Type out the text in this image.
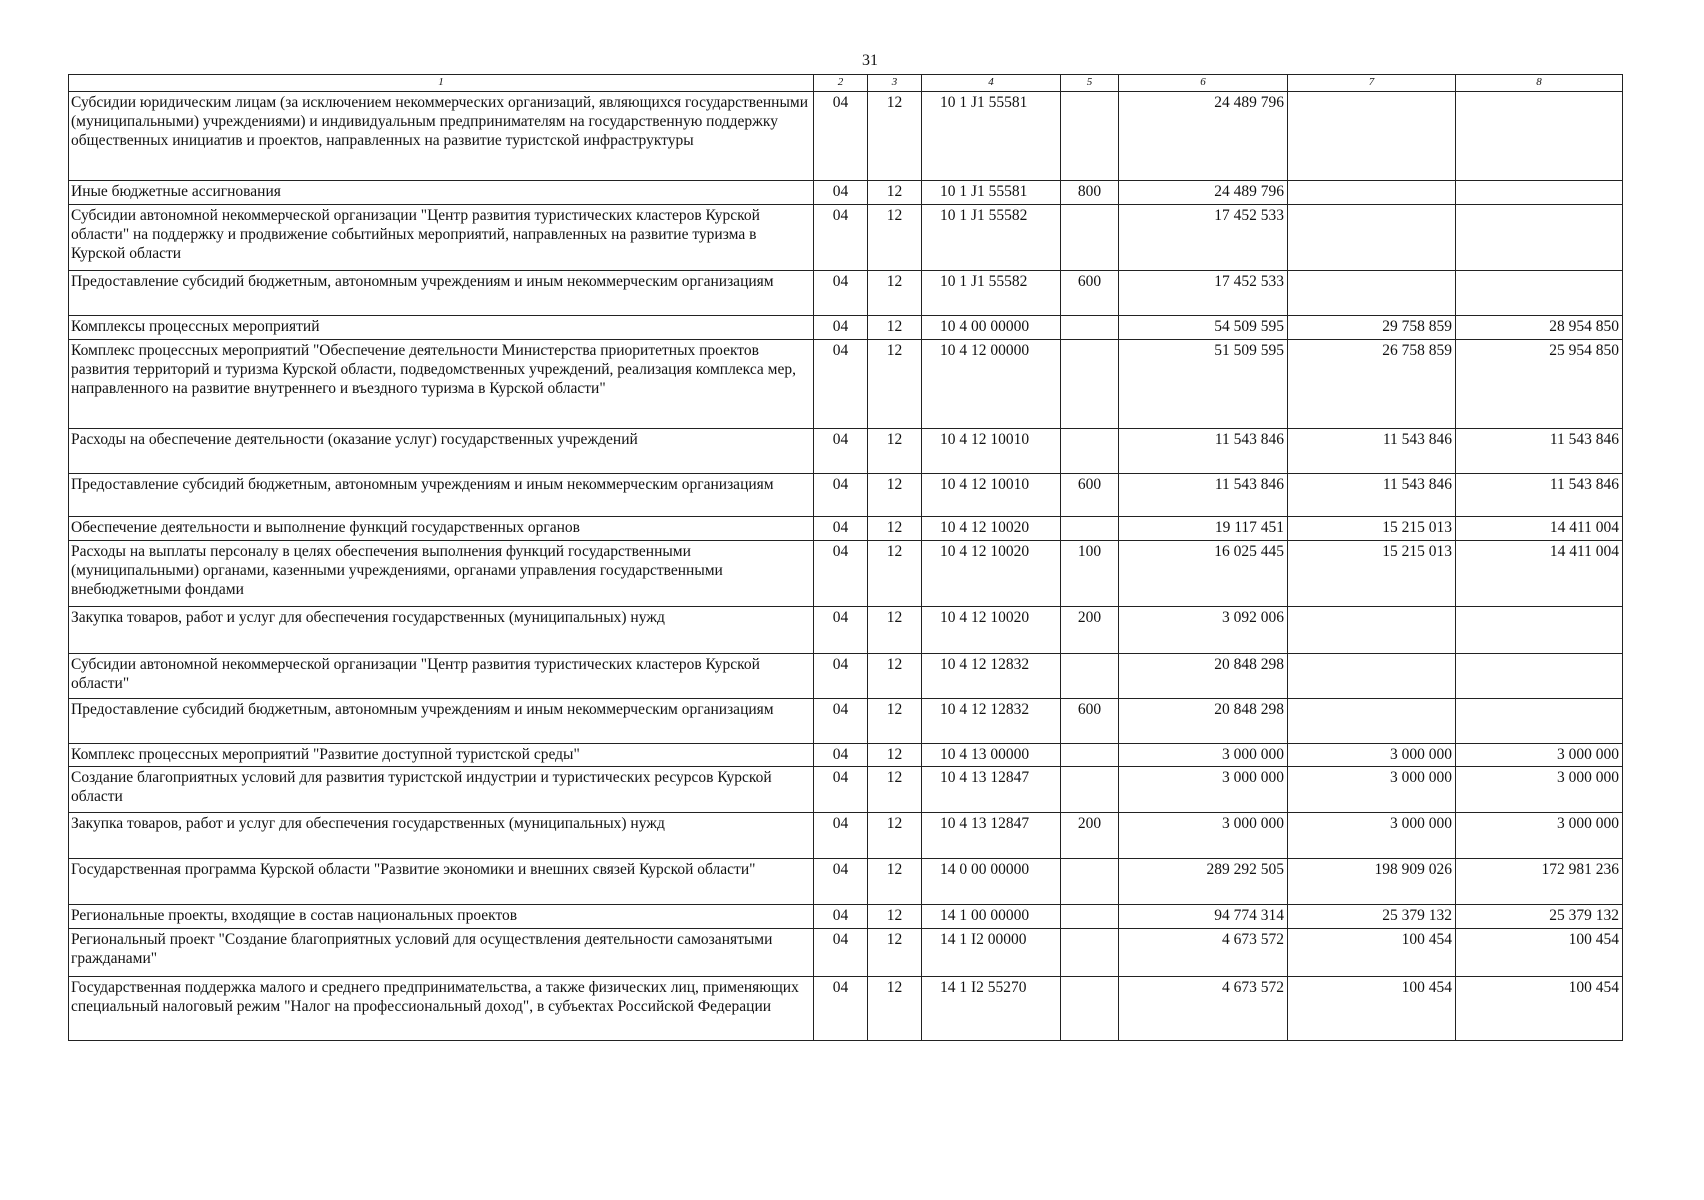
31
1	2	3	4	5	6	7	8
Субсидии юридическим лицам (за исключением некоммерческих организаций, являющихся государственными (муниципальными) учреждениями) и индивидуальным предпринимателям на государственную поддержку общественных инициатив и проектов, направленных на развитие туристской инфраструктуры	04	12	10 1 J1 55581		24 489 796		
Иные бюджетные ассигнования	04	12	10 1 J1 55581	800	24 489 796		
Субсидии автономной некоммерческой организации "Центр развития туристических кластеров Курской области" на поддержку и продвижение событийных мероприятий, направленных на развитие туризма в Курской области	04	12	10 1 J1 55582		17 452 533		
Предоставление субсидий бюджетным, автономным учреждениям и иным некоммерческим организациям	04	12	10 1 J1 55582	600	17 452 533		
Комплексы процессных мероприятий	04	12	10 4 00 00000		54 509 595	29 758 859	28 954 850
Комплекс процессных мероприятий "Обеспечение деятельности Министерства приоритетных проектов развития территорий и туризма Курской области, подведомственных учреждений, реализация комплекса мер, направленного на развитие внутреннего и въездного туризма в Курской области"	04	12	10 4 12 00000		51 509 595	26 758 859	25 954 850
Расходы на обеспечение деятельности (оказание услуг) государственных учреждений	04	12	10 4 12 10010		11 543 846	11 543 846	11 543 846
Предоставление субсидий бюджетным, автономным учреждениям и иным некоммерческим организациям	04	12	10 4 12 10010	600	11 543 846	11 543 846	11 543 846
Обеспечение деятельности и выполнение функций государственных органов	04	12	10 4 12 10020		19 117 451	15 215 013	14 411 004
Расходы на выплаты персоналу в целях обеспечения выполнения функций государственными (муниципальными) органами, казенными учреждениями, органами управления государственными внебюджетными фондами	04	12	10 4 12 10020	100	16 025 445	15 215 013	14 411 004
Закупка товаров, работ и услуг для обеспечения государственных (муниципальных) нужд	04	12	10 4 12 10020	200	3 092 006		
Субсидии автономной некоммерческой организации "Центр развития туристических кластеров Курской области"	04	12	10 4 12 12832		20 848 298		
Предоставление субсидий бюджетным, автономным учреждениям и иным некоммерческим организациям	04	12	10 4 12 12832	600	20 848 298		
Комплекс процессных мероприятий "Развитие доступной туристской среды"	04	12	10 4 13 00000		3 000 000	3 000 000	3 000 000
Создание благоприятных условий для развития туристской индустрии и туристических ресурсов Курской области	04	12	10 4 13 12847		3 000 000	3 000 000	3 000 000
Закупка товаров, работ и услуг для обеспечения государственных (муниципальных) нужд	04	12	10 4 13 12847	200	3 000 000	3 000 000	3 000 000
Государственная программа Курской области "Развитие экономики и внешних связей Курской области"	04	12	14 0 00 00000		289 292 505	198 909 026	172 981 236
Региональные проекты, входящие в состав национальных проектов	04	12	14 1 00 00000		94 774 314	25 379 132	25 379 132
Региональный проект "Создание благоприятных условий для осуществления деятельности самозанятыми гражданами"	04	12	14 1 I2 00000		4 673 572	100 454	100 454
Государственная поддержка малого и среднего предпринимательства, а также физических лиц, применяющих специальный налоговый режим "Налог на профессиональный доход", в субъектах Российской Федерации	04	12	14 1 I2 55270		4 673 572	100 454	100 454
